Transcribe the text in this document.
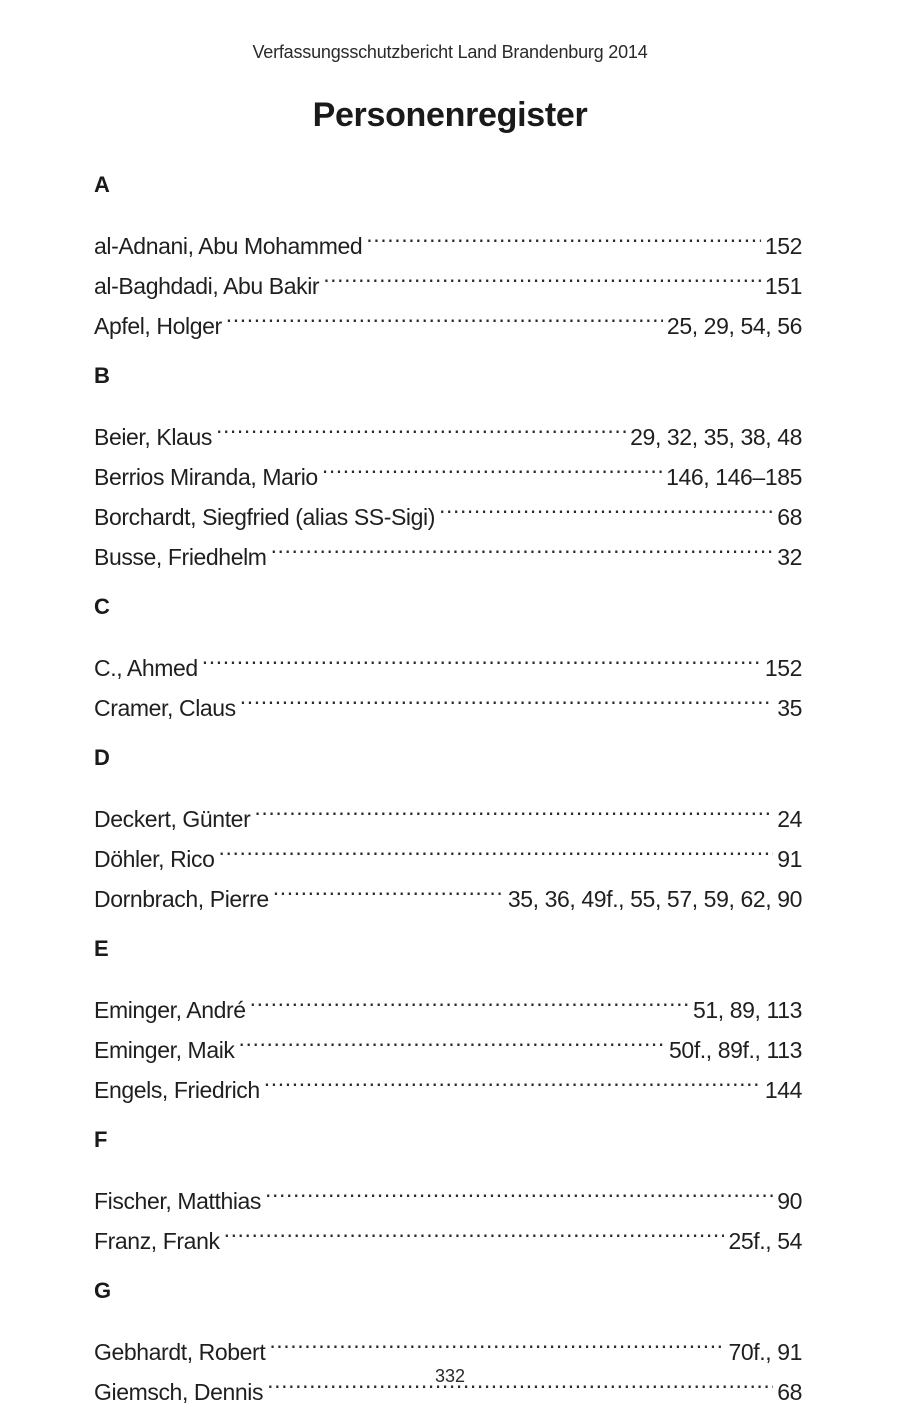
Verfassungsschutzbericht Land Brandenburg 2014
Personenregister
A
al-Adnani, Abu Mohammed .....	152
al-Baghdadi, Abu Bakir .....	151
Apfel, Holger .....	25, 29, 54, 56
B
Beier, Klaus .....	29, 32, 35, 38, 48
Berrios Miranda, Mario .....	146, 146–185
Borchardt, Siegfried (alias SS-Sigi) .....	68
Busse, Friedhelm .....	32
C
C., Ahmed .....	152
Cramer, Claus .....	35
D
Deckert, Günter .....	24
Döhler, Rico .....	91
Dornbrach, Pierre .....	35, 36, 49f., 55, 57, 59, 62, 90
E
Eminger, André .....	51, 89, 113
Eminger, Maik .....	50f., 89f., 113
Engels, Friedrich .....	144
F
Fischer, Matthias .....	90
Franz, Frank .....	25f., 54
G
Gebhardt, Robert .....	70f., 91
Giemsch, Dennis .....	68
332
